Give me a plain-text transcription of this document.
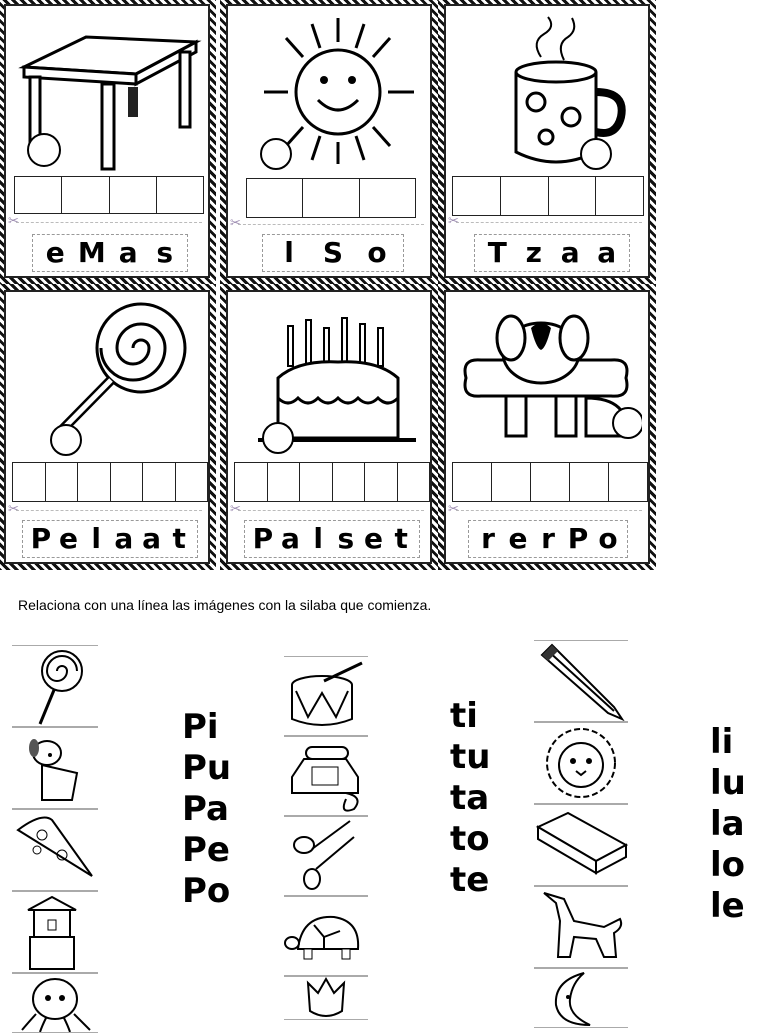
✂
e M a s
✂
l	S o
✂
T z a a
✂
P e l a a t
✂
P a l s e t
✂
r e r P o
Relaciona con una línea las imágenes con la silaba que comienza.
Pi
Pu
Pa
Pe
Po
ti
tu
ta
to
te
li
lu
la
lo
le
